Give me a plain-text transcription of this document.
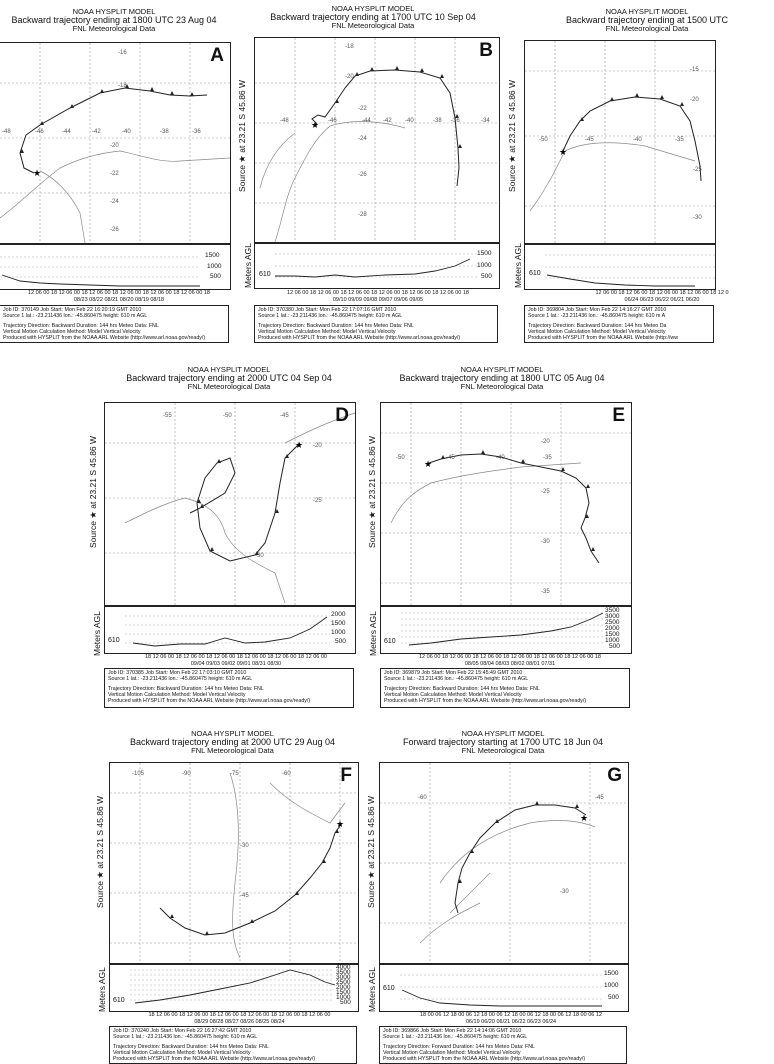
NOAA HYSPLIT MODEL
Backward trajectory ending at 1800 UTC 23 Aug 04
FNL Meteorological Data
★
-16
-18
-48	-46	-44	-42	-40	-38	-36
-20
-22
-24
-26
A
1500
1000
500
12 06 00 18 12 06 00 18 12 06 00 18 12 06 00 18 12 06 00 18 12 06 00 18
08/23 08/22 08/21 08/20 08/19 08/18
Job ID: 370149 Job Start: Mon Feb 22 16:20:19 GMT 2010
Source 1 lat.: -23.211436 lon.: -45.860475 height: 610 m AGL
Trajectory Direction: Backward Duration: 144 hrs Meteo Data: FNL
Vertical Motion Calculation Method: Model Vertical Velocity
Produced with HYSPLIT from the NOAA ARL Website (http://www.arl.noaa.gov/ready/)
NOAA HYSPLIT MODEL
Backward trajectory ending at 1700 UTC 10 Sep 04
FNL Meteorological Data
Source ★ at 23.21 S 45.86 W	★
-18
-20
-22
-48	-46	-44 -42 -40	-38 -36	-34
-24
-26
-28
B
Meters AGL 610
1500
1000
500
12 06 00 18 12 06 00 18 12 06 00 18 12 06 00 18 12 06 00 18 12 06 00 18
09/10 09/09 09/08 09/07 09/06 09/05
Job ID: 370380 Job Start: Mon Feb 22 17:07:16 GMT 2010
Source 1 lat.: -23.211436 lon.: -45.860475 height: 610 m AGL
Trajectory Direction: Backward Duration: 144 hrs Meteo Data: FNL
Vertical Motion Calculation Method: Model Vertical Velocity
Produced with HYSPLIT from the NOAA ARL Website (http://www.arl.noaa.gov/ready/)
NOAA HYSPLIT MODEL
Backward trajectory ending at 1500 UTC
FNL Meteorological Data
Source ★ at 23.21 S 45.86 W	★
-15
-20
-50	-45	-40	-35
-25
-30
Meters AGL 610
12 06 00 18 12 06 00 18 12 06 00 18 12 06 00 18 12 0
06/24 06/23 06/22 06/21 06/20
Job ID: 369804 Job Start: Mon Feb 22 14:16:27 GMT 2010
Source 1 lat.: -23.211436 lon.: -45.860475 height: 610 m A
Trajectory Direction: Backward Duration: 144 hrs Meteo Da
Vertical Motion Calculation Method: Model Vertical Velocity
Produced with HYSPLIT from the NOAA ARL Website (http://ww
NOAA HYSPLIT MODEL
Backward trajectory ending at 2000 UTC 04 Sep 04
FNL Meteorological Data
Source ★ at 23.21 S 45.86 W	★
-55	-50	-45
-20
-25
-30
D
Meters AGL 610
2000
1500
1000
500
18 12 06 00 18 12 06 00 18 12 06 00 18 12 06 00 18 12 06 00 18 12 06 00
09/04 09/03 09/02 09/01 08/31 08/30
Job ID: 370385 Job Start: Mon Feb 22 17:03:10 GMT 2010
Source 1 lat.: -23.211436 lon.: -45.860475 height: 610 m AGL
Trajectory Direction: Backward Duration: 144 hrs Meteo Data: FNL
Vertical Motion Calculation Method: Model Vertical Velocity
Produced with HYSPLIT from the NOAA ARL Website (http://www.arl.noaa.gov/ready/)
NOAA HYSPLIT MODEL
Backward trajectory ending at 1800 UTC 05 Aug 04
FNL Meteorological Data
Source ★ at 23.21 S 45.86 W	★
-20
-50	-45	-40	-35
-25
-30
-35
E
Meters AGL 610
3500
3000
2500
2000
1500
1000
500
12 06 00 18 12 06 00 18 12 06 00 18 12 06 00 18 12 06 00 18 12 06 00 18
08/05 08/04 08/03 08/02 08/01 07/31
Job ID: 369879 Job Start: Mon Feb 22 15:45:49 GMT 2010
Source 1 lat.: -23.211436 lon.: -45.860475 height: 610 m AGL
Trajectory Direction: Backward Duration: 144 hrs Meteo Data: FNL
Vertical Motion Calculation Method: Model Vertical Velocity
Produced with HYSPLIT from the NOAA ARL Website (http://www.arl.noaa.gov/ready/)
NOAA HYSPLIT MODEL
Backward trajectory ending at 2000 UTC 29 Aug 04
FNL Meteorological Data
Source ★ at 23.21 S 45.86 W	★
-105	-90	-75	-60
-30
-45
F
Meters AGL 610
4000
3500
3000
2500
2000
1500
1000
500
18 12 06 00 18 12 06 00 18 12 06 00 18 12 06 00 18 12 06 00 18 12 06 00
08/29 08/28 08/27 08/26 08/25 08/24
Job ID: 370240 Job Start: Mon Feb 22 16:27:42 GMT 2010
Source 1 lat.: -23.211436 lon.: -45.860475 height: 610 m AGL
Trajectory Direction: Backward Duration: 144 hrs Meteo Data: FNL
Vertical Motion Calculation Method: Model Vertical Velocity
Produced with HYSPLIT from the NOAA ARL Website (http://www.arl.noaa.gov/ready/)
NOAA HYSPLIT MODEL
Forward trajectory starting at 1700 UTC 18 Jun 04
FNL Meteorological Data
Source ★ at 23.21 S 45.86 W	★
-60	-45
-30
G
Meters AGL 610
1500
1000
500
18 00 06 12 18 00 06 12 18 00 06 12 18 00 06 12 18 00 06 12 18 00 06 12
06/19 06/20 06/21 06/22 06/23 06/24
Job ID: 369866 Job Start: Mon Feb 22 14:14:06 GMT 2010
Source 1 lat.: -23.211436 lon.: -45.860475 height: 610 m AGL
Trajectory Direction: Forward Duration: 144 hrs Meteo Data: FNL
Vertical Motion Calculation Method: Model Vertical Velocity
Produced with HYSPLIT from the NOAA ARL Website (http://www.arl.noaa.gov/ready/)
